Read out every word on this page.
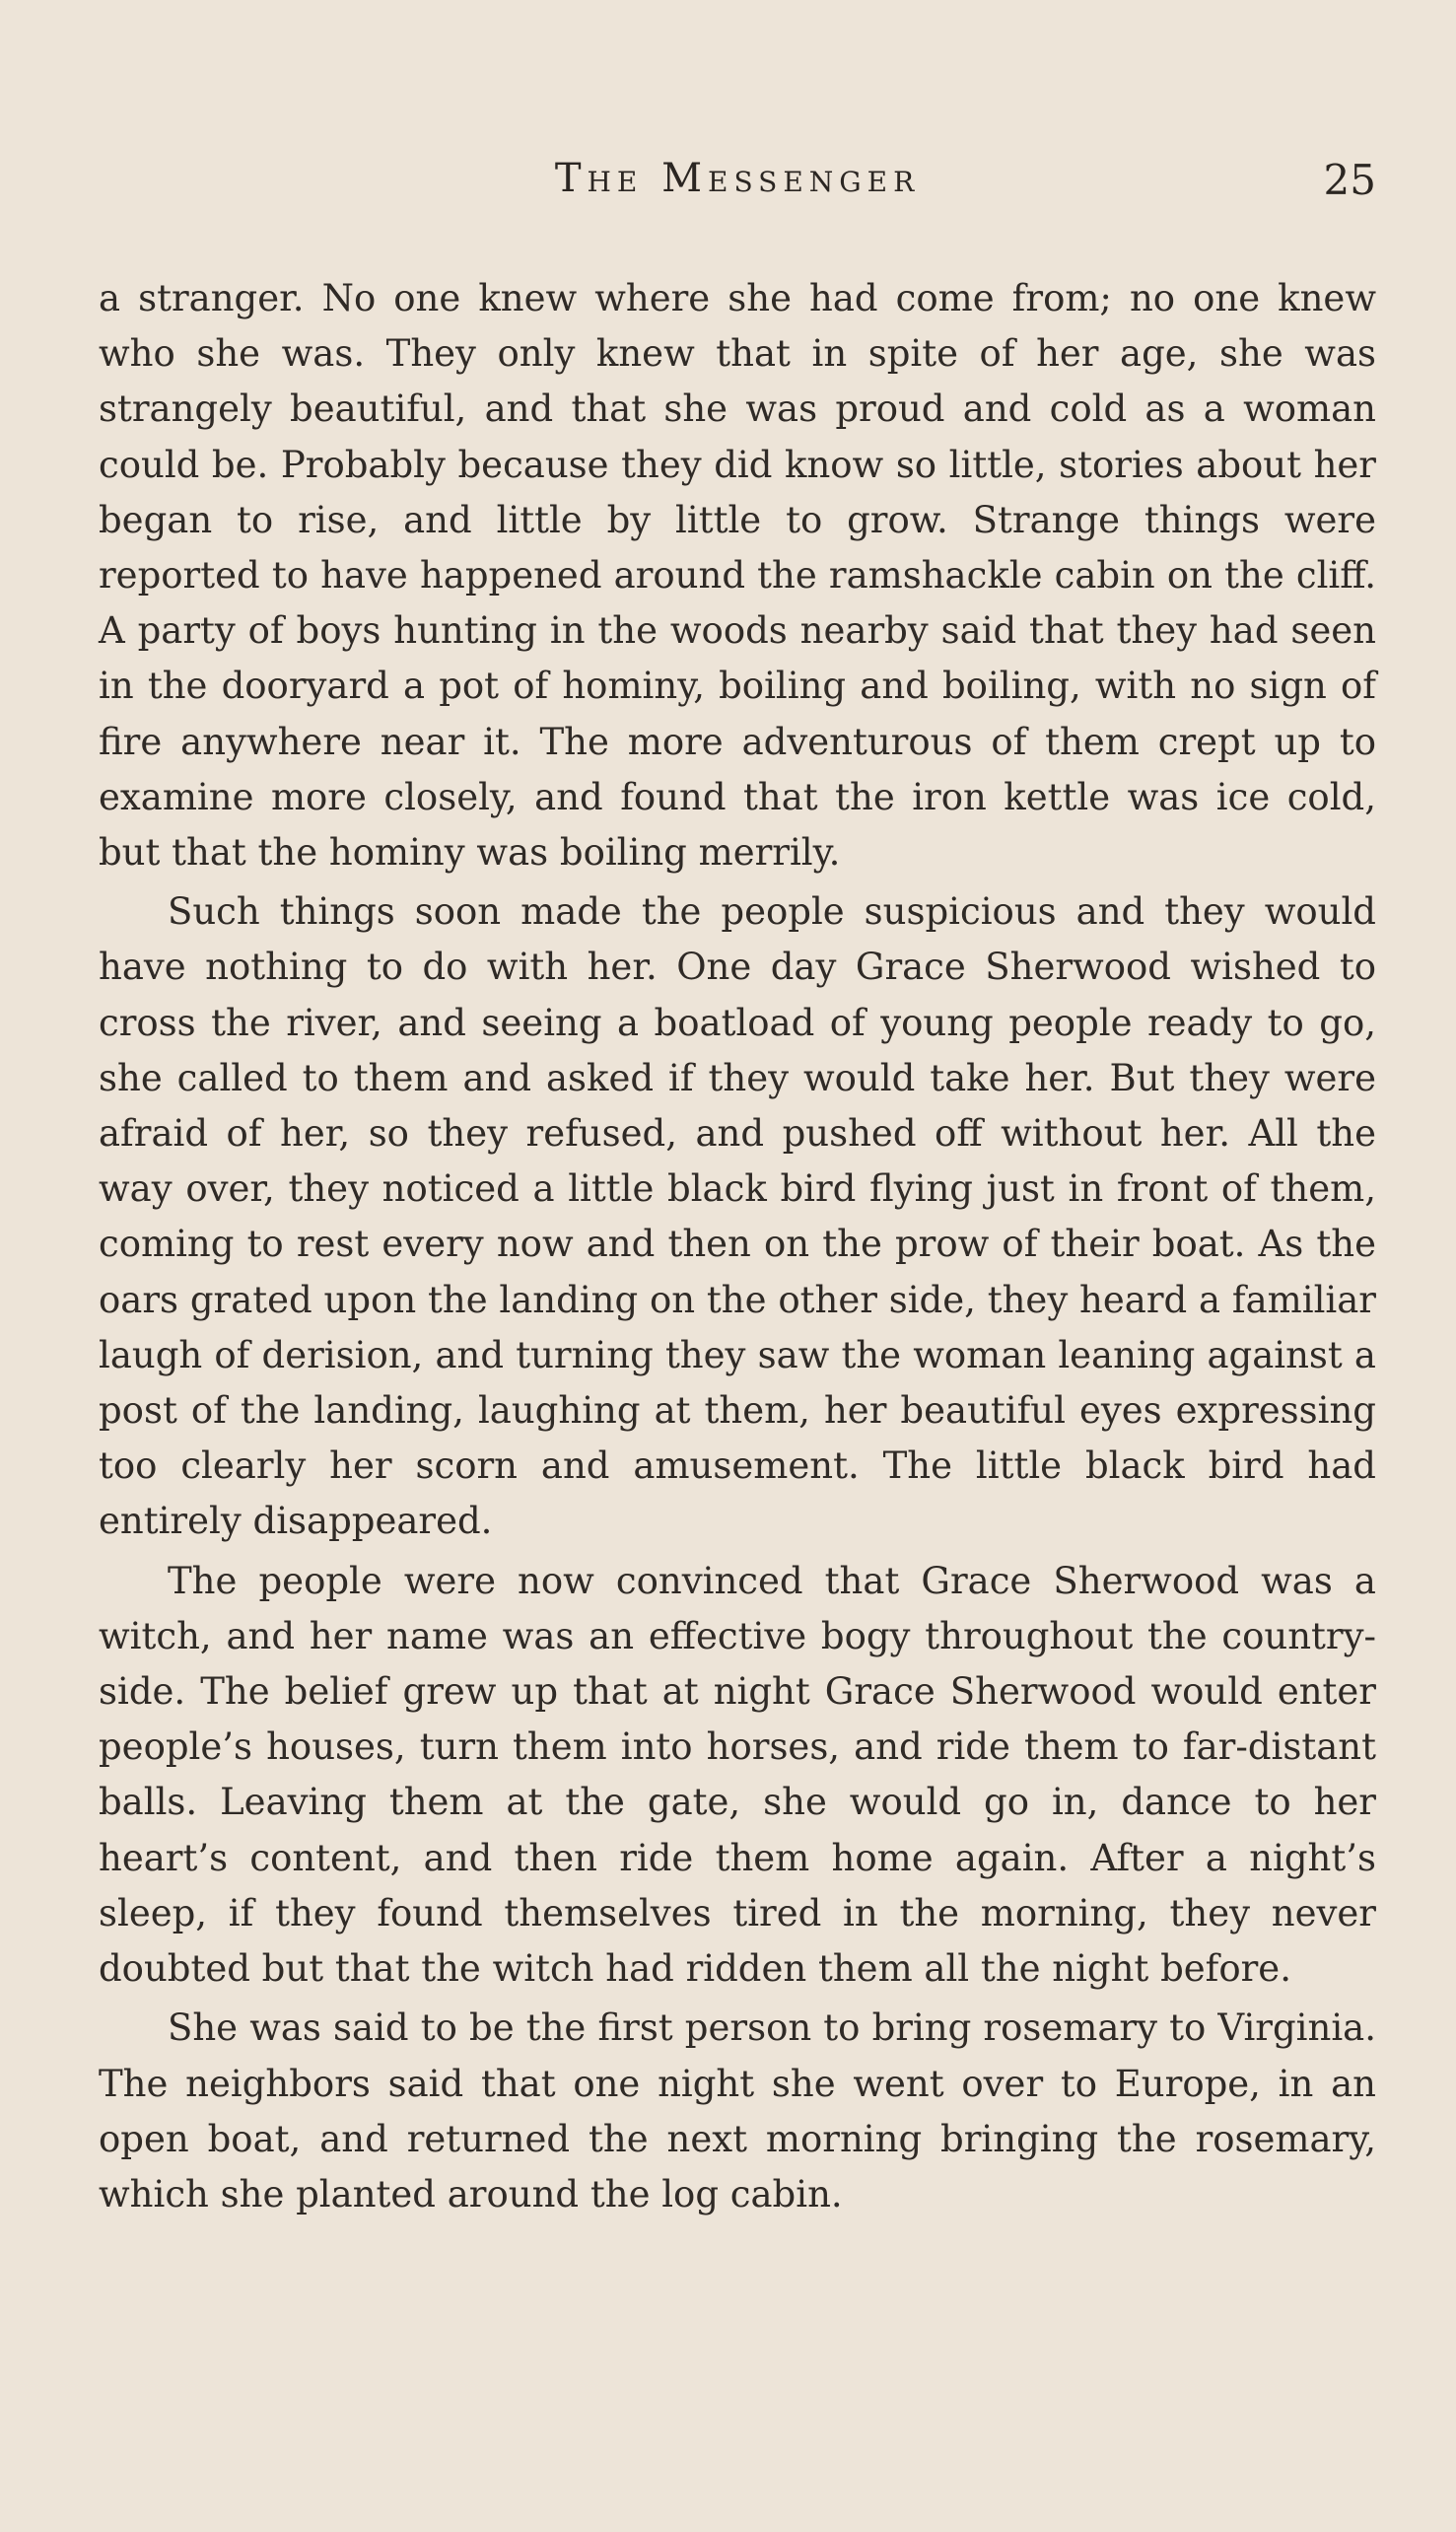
The Messenger	25

a stranger. No one knew where she had come from; no one knew who she was. They only knew that in spite of her age, she was strangely beautiful, and that she was proud and cold as a woman could be. Probably because they did know so little, stories about her began to rise, and little by little to grow. Strange things were reported to have happened around the ramshackle cabin on the cliff. A party of boys hunting in the woods nearby said that they had seen in the dooryard a pot of hominy, boiling and boiling, with no sign of fire anywhere near it. The more adventurous of them crept up to examine more closely, and found that the iron kettle was ice cold, but that the hominy was boiling merrily.

Such things soon made the people suspicious and they would have nothing to do with her. One day Grace Sherwood wished to cross the river, and seeing a boatload of young people ready to go, she called to them and asked if they would take her. But they were afraid of her, so they refused, and pushed off without her. All the way over, they noticed a little black bird flying just in front of them, coming to rest every now and then on the prow of their boat. As the oars grated upon the landing on the other side, they heard a familiar laugh of derision, and turning they saw the woman leaning against a post of the landing, laughing at them, her beautiful eyes expressing too clearly her scorn and amusement. The little black bird had entirely disappeared.

The people were now convinced that Grace Sherwood was a witch, and her name was an effective bogy throughout the country-side. The belief grew up that at night Grace Sherwood would enter people’s houses, turn them into horses, and ride them to far-distant balls. Leaving them at the gate, she would go in, dance to her heart’s content, and then ride them home again. After a night’s sleep, if they found themselves tired in the morning, they never doubted but that the witch had ridden them all the night before.

She was said to be the first person to bring rosemary to Virginia. The neighbors said that one night she went over to Europe, in an open boat, and returned the next morning bringing the rosemary, which she planted around the log cabin.
